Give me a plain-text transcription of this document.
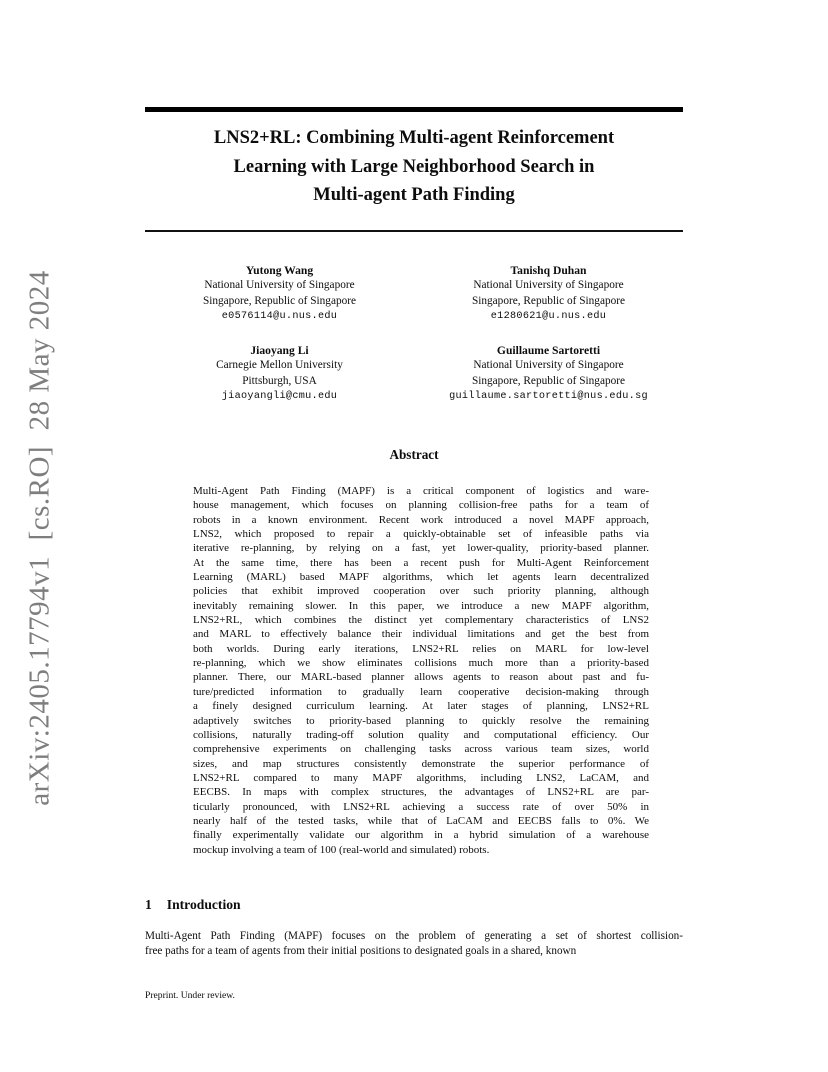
arXiv:2405.17794v1  [cs.RO]  28 May 2024
LNS2+RL: Combining Multi-agent Reinforcement
Learning with Large Neighborhood Search in
Multi-agent Path Finding
Yutong Wang
National University of Singapore
Singapore, Republic of Singapore
e0576114@u.nus.edu
Tanishq Duhan
National University of Singapore
Singapore, Republic of Singapore
e1280621@u.nus.edu
Jiaoyang Li
Carnegie Mellon University
Pittsburgh, USA
jiaoyangli@cmu.edu
Guillaume Sartoretti
National University of Singapore
Singapore, Republic of Singapore
guillaume.sartoretti@nus.edu.sg
Abstract
Multi-Agent Path Finding (MAPF) is a critical component of logistics and ware-
house management, which focuses on planning collision-free paths for a team of
robots in a known environment. Recent work introduced a novel MAPF approach,
LNS2, which proposed to repair a quickly-obtainable set of infeasible paths via
iterative re-planning, by relying on a fast, yet lower-quality, priority-based planner.
At the same time, there has been a recent push for Multi-Agent Reinforcement
Learning (MARL) based MAPF algorithms, which let agents learn decentralized
policies that exhibit improved cooperation over such priority planning, although
inevitably remaining slower. In this paper, we introduce a new MAPF algorithm,
LNS2+RL, which combines the distinct yet complementary characteristics of LNS2
and MARL to effectively balance their individual limitations and get the best from
both worlds. During early iterations, LNS2+RL relies on MARL for low-level
re-planning, which we show eliminates collisions much more than a priority-based
planner. There, our MARL-based planner allows agents to reason about past and fu-
ture/predicted information to gradually learn cooperative decision-making through
a finely designed curriculum learning. At later stages of planning, LNS2+RL
adaptively switches to priority-based planning to quickly resolve the remaining
collisions, naturally trading-off solution quality and computational efficiency. Our
comprehensive experiments on challenging tasks across various team sizes, world
sizes, and map structures consistently demonstrate the superior performance of
LNS2+RL compared to many MAPF algorithms, including LNS2, LaCAM, and
EECBS. In maps with complex structures, the advantages of LNS2+RL are par-
ticularly pronounced, with LNS2+RL achieving a success rate of over 50% in
nearly half of the tested tasks, while that of LaCAM and EECBS falls to 0%. We
finally experimentally validate our algorithm in a hybrid simulation of a warehouse
mockup involving a team of 100 (real-world and simulated) robots.
1 Introduction
Multi-Agent Path Finding (MAPF) focuses on the problem of generating a set of shortest collision-
free paths for a team of agents from their initial positions to designated goals in a shared, known
Preprint. Under review.
